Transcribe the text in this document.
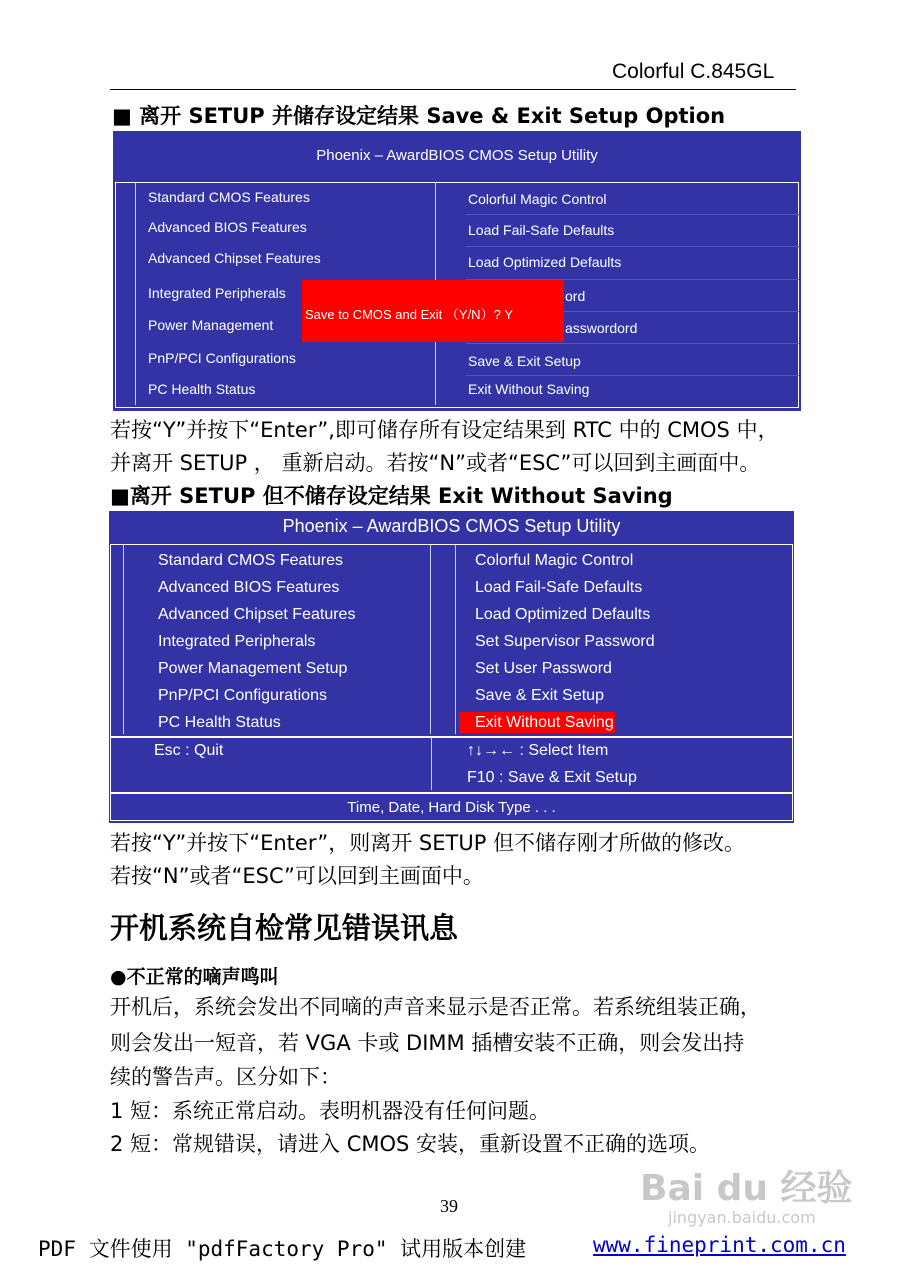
Colorful C.845GL
■ 离开 SETUP 并储存设定结果 Save & Exit Setup Option
Phoenix – AwardBIOS CMOS Setup Utility
Standard CMOS Features
Advanced BIOS Features
Advanced Chipset Features
Integrated Peripherals
Power Management
PnP/PCI Configurations
PC Health Status
Colorful Magic Control
Load Fail-Safe Defaults
Load Optimized Defaults
ord
asswordord
Save & Exit Setup
Exit Without Saving
Save to CMOS and Exit （Y/N）? Y
若按“Y”并按下“Enter”,即可储存所有设定结果到 RTC 中的 CMOS 中，
并离开 SETUP ， 重新启动。若按“N”或者“ESC”可以回到主画面中。
■离开 SETUP 但不储存设定结果 Exit Without Saving
Phoenix – AwardBIOS CMOS Setup Utility
Standard CMOS Features
Advanced BIOS Features
Advanced Chipset Features
Integrated Peripherals
Power Management Setup
PnP/PCI Configurations
PC Health Status
Colorful Magic Control
Load Fail-Safe Defaults
Load Optimized Defaults
Set Supervisor Password
Set User Password
Save & Exit Setup
Exit Without Saving
Esc : Quit	↑↓→← : Select Item
F10 : Save & Exit Setup
Time, Date, Hard Disk Type . . .
若按“Y”并按下“Enter”，则离开 SETUP 但不储存刚才所做的修改。
若按“N”或者“ESC”可以回到主画面中。
开机系统自检常见错误讯息
●不正常的嘀声鸣叫
开机后，系统会发出不同嘀的声音来显示是否正常。若系统组装正确，
则会发出一短音，若 VGA 卡或 DIMM 插槽安装不正确，则会发出持
续的警告声。区分如下：
1 短：系统正常启动。表明机器没有任何问题。
2 短：常规错误，请进入 CMOS 安装，重新设置不正确的选项。
39	Bai du 经验
jingyan.baidu.com
PDF 文件使用 "pdfFactory Pro" 试用版本创建	www.fineprint.com.cn
